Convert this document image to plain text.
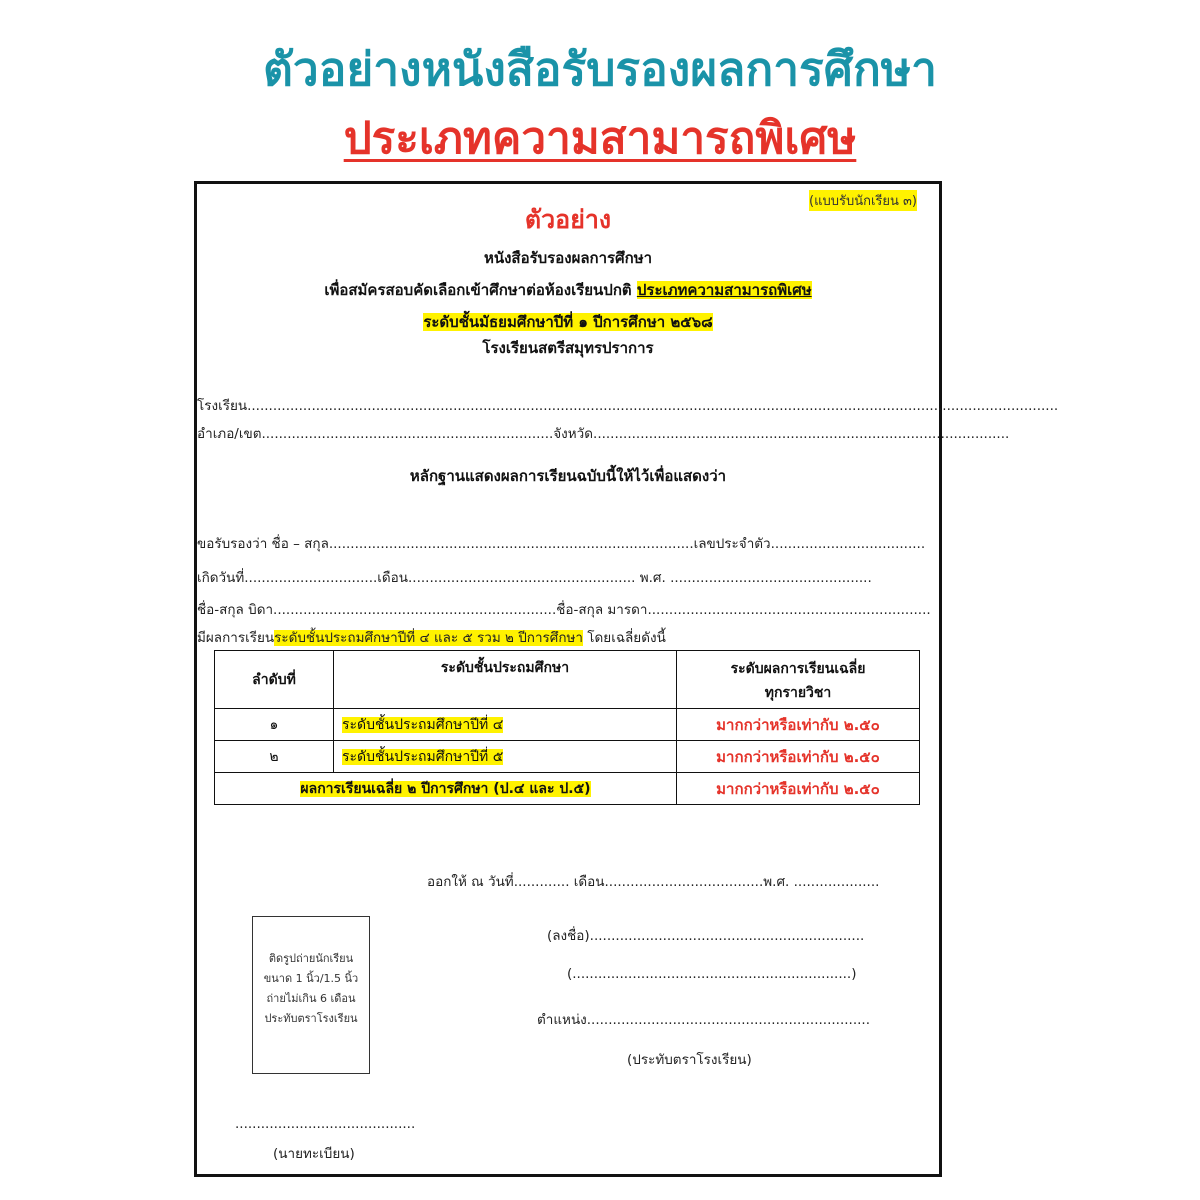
ตัวอย่างหนังสือรับรองผลการศึกษา
ประเภทความสามารถพิเศษ
(แบบรับนักเรียน ๓)
ตัวอย่าง
หนังสือรับรองผลการศึกษา
เพื่อสมัครสอบคัดเลือกเข้าศึกษาต่อห้องเรียนปกติ ประเภทความสามารถพิเศษ
ระดับชั้นมัธยมศึกษาปีที่ ๑ ปีการศึกษา ๒๕๖๘
โรงเรียนสตรีสมุทรปราการ
โรงเรียน.............................................................................................................................................................................................
อำเภอ/เขต....................................................................จังหวัด.................................................................................................
หลักฐานแสดงผลการเรียนฉบับนี้ให้ไว้เพื่อแสดงว่า
ขอรับรองว่า ชื่อ – สกุล.....................................................................................เลขประจำตัว....................................
เกิดวันที่...............................เดือน..................................................... พ.ศ. ...............................................
ชื่อ-สกุล บิดา..................................................................ชื่อ-สกุล มารดา..................................................................
มีผลการเรียนระดับชั้นประถมศึกษาปีที่ ๔ และ ๕ รวม ๒ ปีการศึกษา โดยเฉลี่ยดังนี้
ลำดับที่	ระดับชั้นประถมศึกษา	ระดับผลการเรียนเฉลี่ย
ทุกรายวิชา

๑	ระดับชั้นประถมศึกษาปีที่ ๔	มากกว่าหรือเท่ากับ ๒.๕๐
๒	ระดับชั้นประถมศึกษาปีที่ ๕	มากกว่าหรือเท่ากับ ๒.๕๐
ผลการเรียนเฉลี่ย ๒ ปีการศึกษา (ป.๔ และ ป.๕)		มากกว่าหรือเท่ากับ ๒.๕๐
ออกให้ ณ วันที่............. เดือน.....................................พ.ศ. ....................
ติดรูปถ่ายนักเรียน
ขนาด 1 นิ้ว/1.5 นิ้ว
ถ่ายไม่เกิน 6 เดือน
ประทับตราโรงเรียน
(ลงชื่อ)................................................................
(.................................................................)
ตำแหน่ง..................................................................
(ประทับตราโรงเรียน)
..........................................
(นายทะเบียน)
